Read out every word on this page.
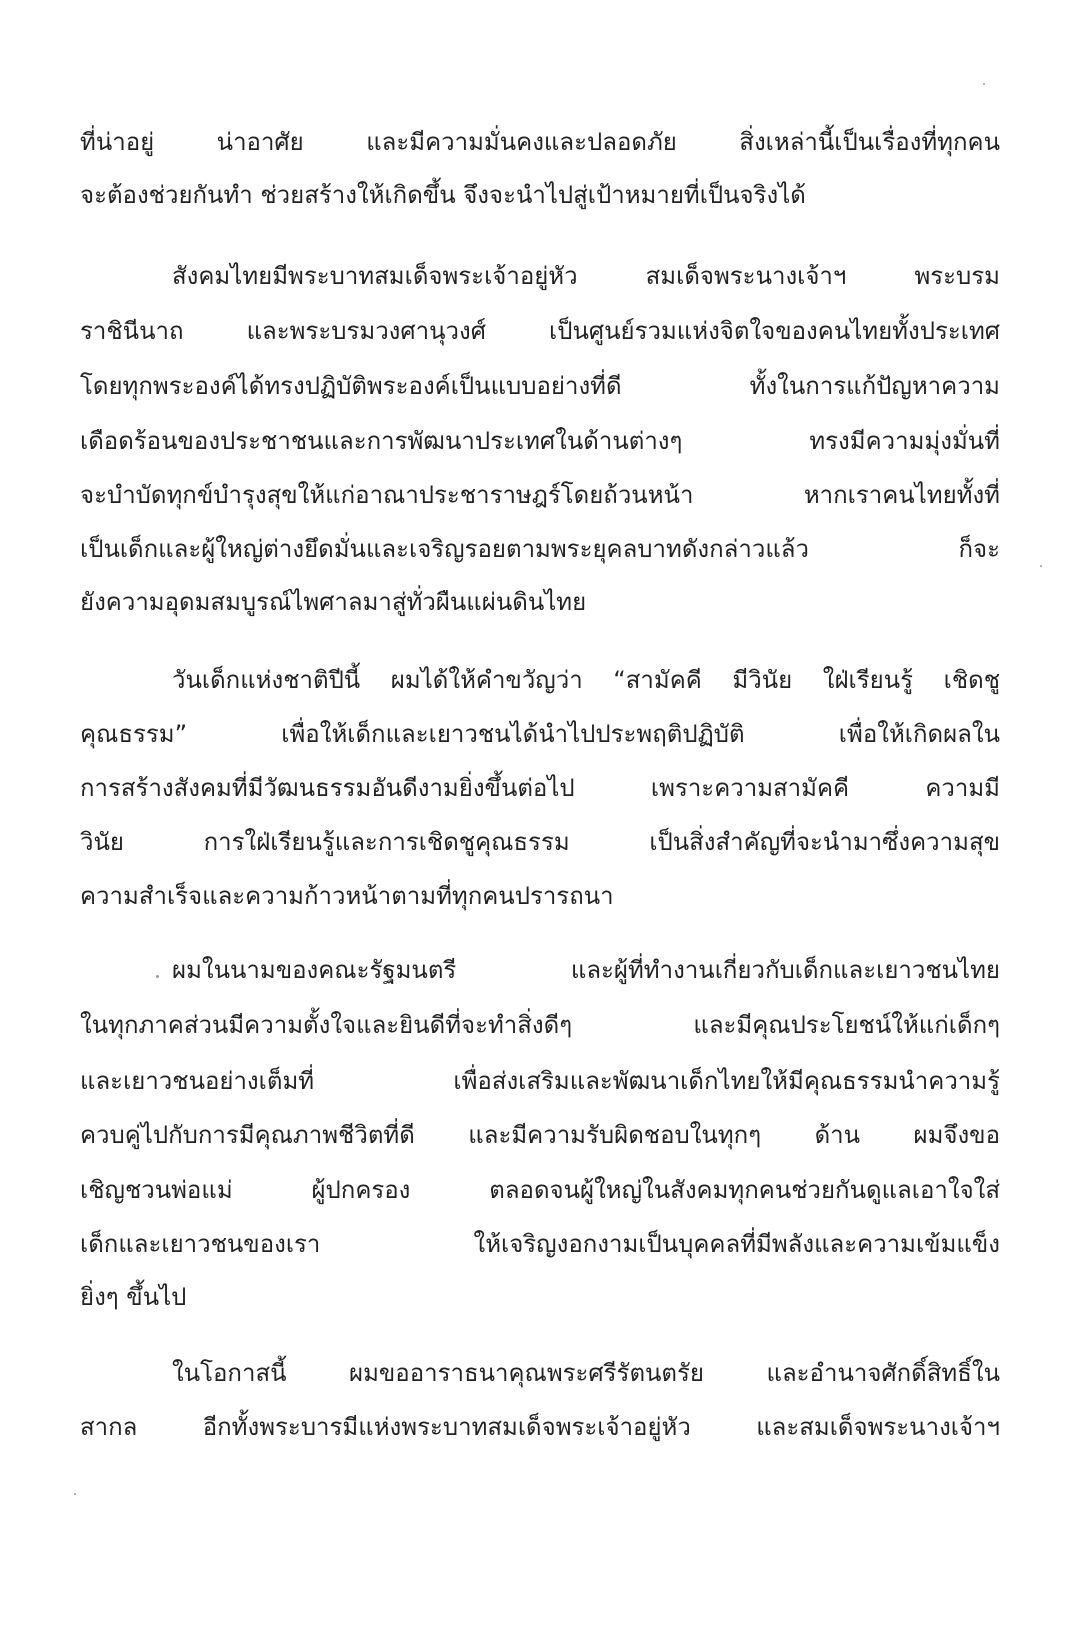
ที่น่าอยู่ น่าอาศัย และมีความมั่นคงและปลอดภัย สิ่งเหล่านี้เป็นเรื่องที่ทุกคน
จะต้องช่วยกันทำ ช่วยสร้างให้เกิดขึ้น จึงจะนำไปสู่เป้าหมายที่เป็นจริงได้
สังคมไทยมีพระบาทสมเด็จพระเจ้าอยู่หัว สมเด็จพระนางเจ้าฯ พระบรม
ราชินีนาถ และพระบรมวงศานุวงศ์ เป็นศูนย์รวมแห่งจิตใจของคนไทยทั้งประเทศ
โดยทุกพระองค์ได้ทรงปฏิบัติพระองค์เป็นแบบอย่างที่ดี ทั้งในการแก้ปัญหาความ
เดือดร้อนของประชาชนและการพัฒนาประเทศในด้านต่างๆ ทรงมีความมุ่งมั่นที่
จะบำบัดทุกข์บำรุงสุขให้แก่อาณาประชาราษฎร์โดยถ้วนหน้า หากเราคนไทยทั้งที่
เป็นเด็กและผู้ใหญ่ต่างยึดมั่นและเจริญรอยตามพระยุคลบาทดังกล่าวแล้ว ก็จะ
ยังความอุดมสมบูรณ์ไพศาลมาสู่ทั่วผืนแผ่นดินไทย
วันเด็กแห่งชาติปีนี้ ผมได้ให้คำขวัญว่า “สามัคคี มีวินัย ใฝ่เรียนรู้ เชิดชู
คุณธรรม” เพื่อให้เด็กและเยาวชนได้นำไปประพฤติปฏิบัติ เพื่อให้เกิดผลใน
การสร้างสังคมที่มีวัฒนธรรมอันดีงามยิ่งขึ้นต่อไป เพราะความสามัคคี ความมี
วินัย การใฝ่เรียนรู้และการเชิดชูคุณธรรม เป็นสิ่งสำคัญที่จะนำมาซึ่งความสุข
ความสำเร็จและความก้าวหน้าตามที่ทุกคนปรารถนา
ผมในนามของคณะรัฐมนตรี และผู้ที่ทำงานเกี่ยวกับเด็กและเยาวชนไทย
ในทุกภาคส่วนมีความตั้งใจและยินดีที่จะทำสิ่งดีๆ และมีคุณประโยชน์ให้แก่เด็กๆ
และเยาวชนอย่างเต็มที่ เพื่อส่งเสริมและพัฒนาเด็กไทยให้มีคุณธรรมนำความรู้
ควบคู่ไปกับการมีคุณภาพชีวิตที่ดี และมีความรับผิดชอบในทุกๆ ด้าน ผมจึงขอ
เชิญชวนพ่อแม่ ผู้ปกครอง ตลอดจนผู้ใหญ่ในสังคมทุกคนช่วยกันดูแลเอาใจใส่
เด็กและเยาวชนของเรา ให้เจริญงอกงามเป็นบุคคลที่มีพลังและความเข้มแข็ง
ยิ่งๆ ขึ้นไป
ในโอกาสนี้ ผมขออาราธนาคุณพระศรีรัตนตรัย และอำนาจศักดิ์สิทธิ์ใน
สากล อีกทั้งพระบารมีแห่งพระบาทสมเด็จพระเจ้าอยู่หัว และสมเด็จพระนางเจ้าฯ
